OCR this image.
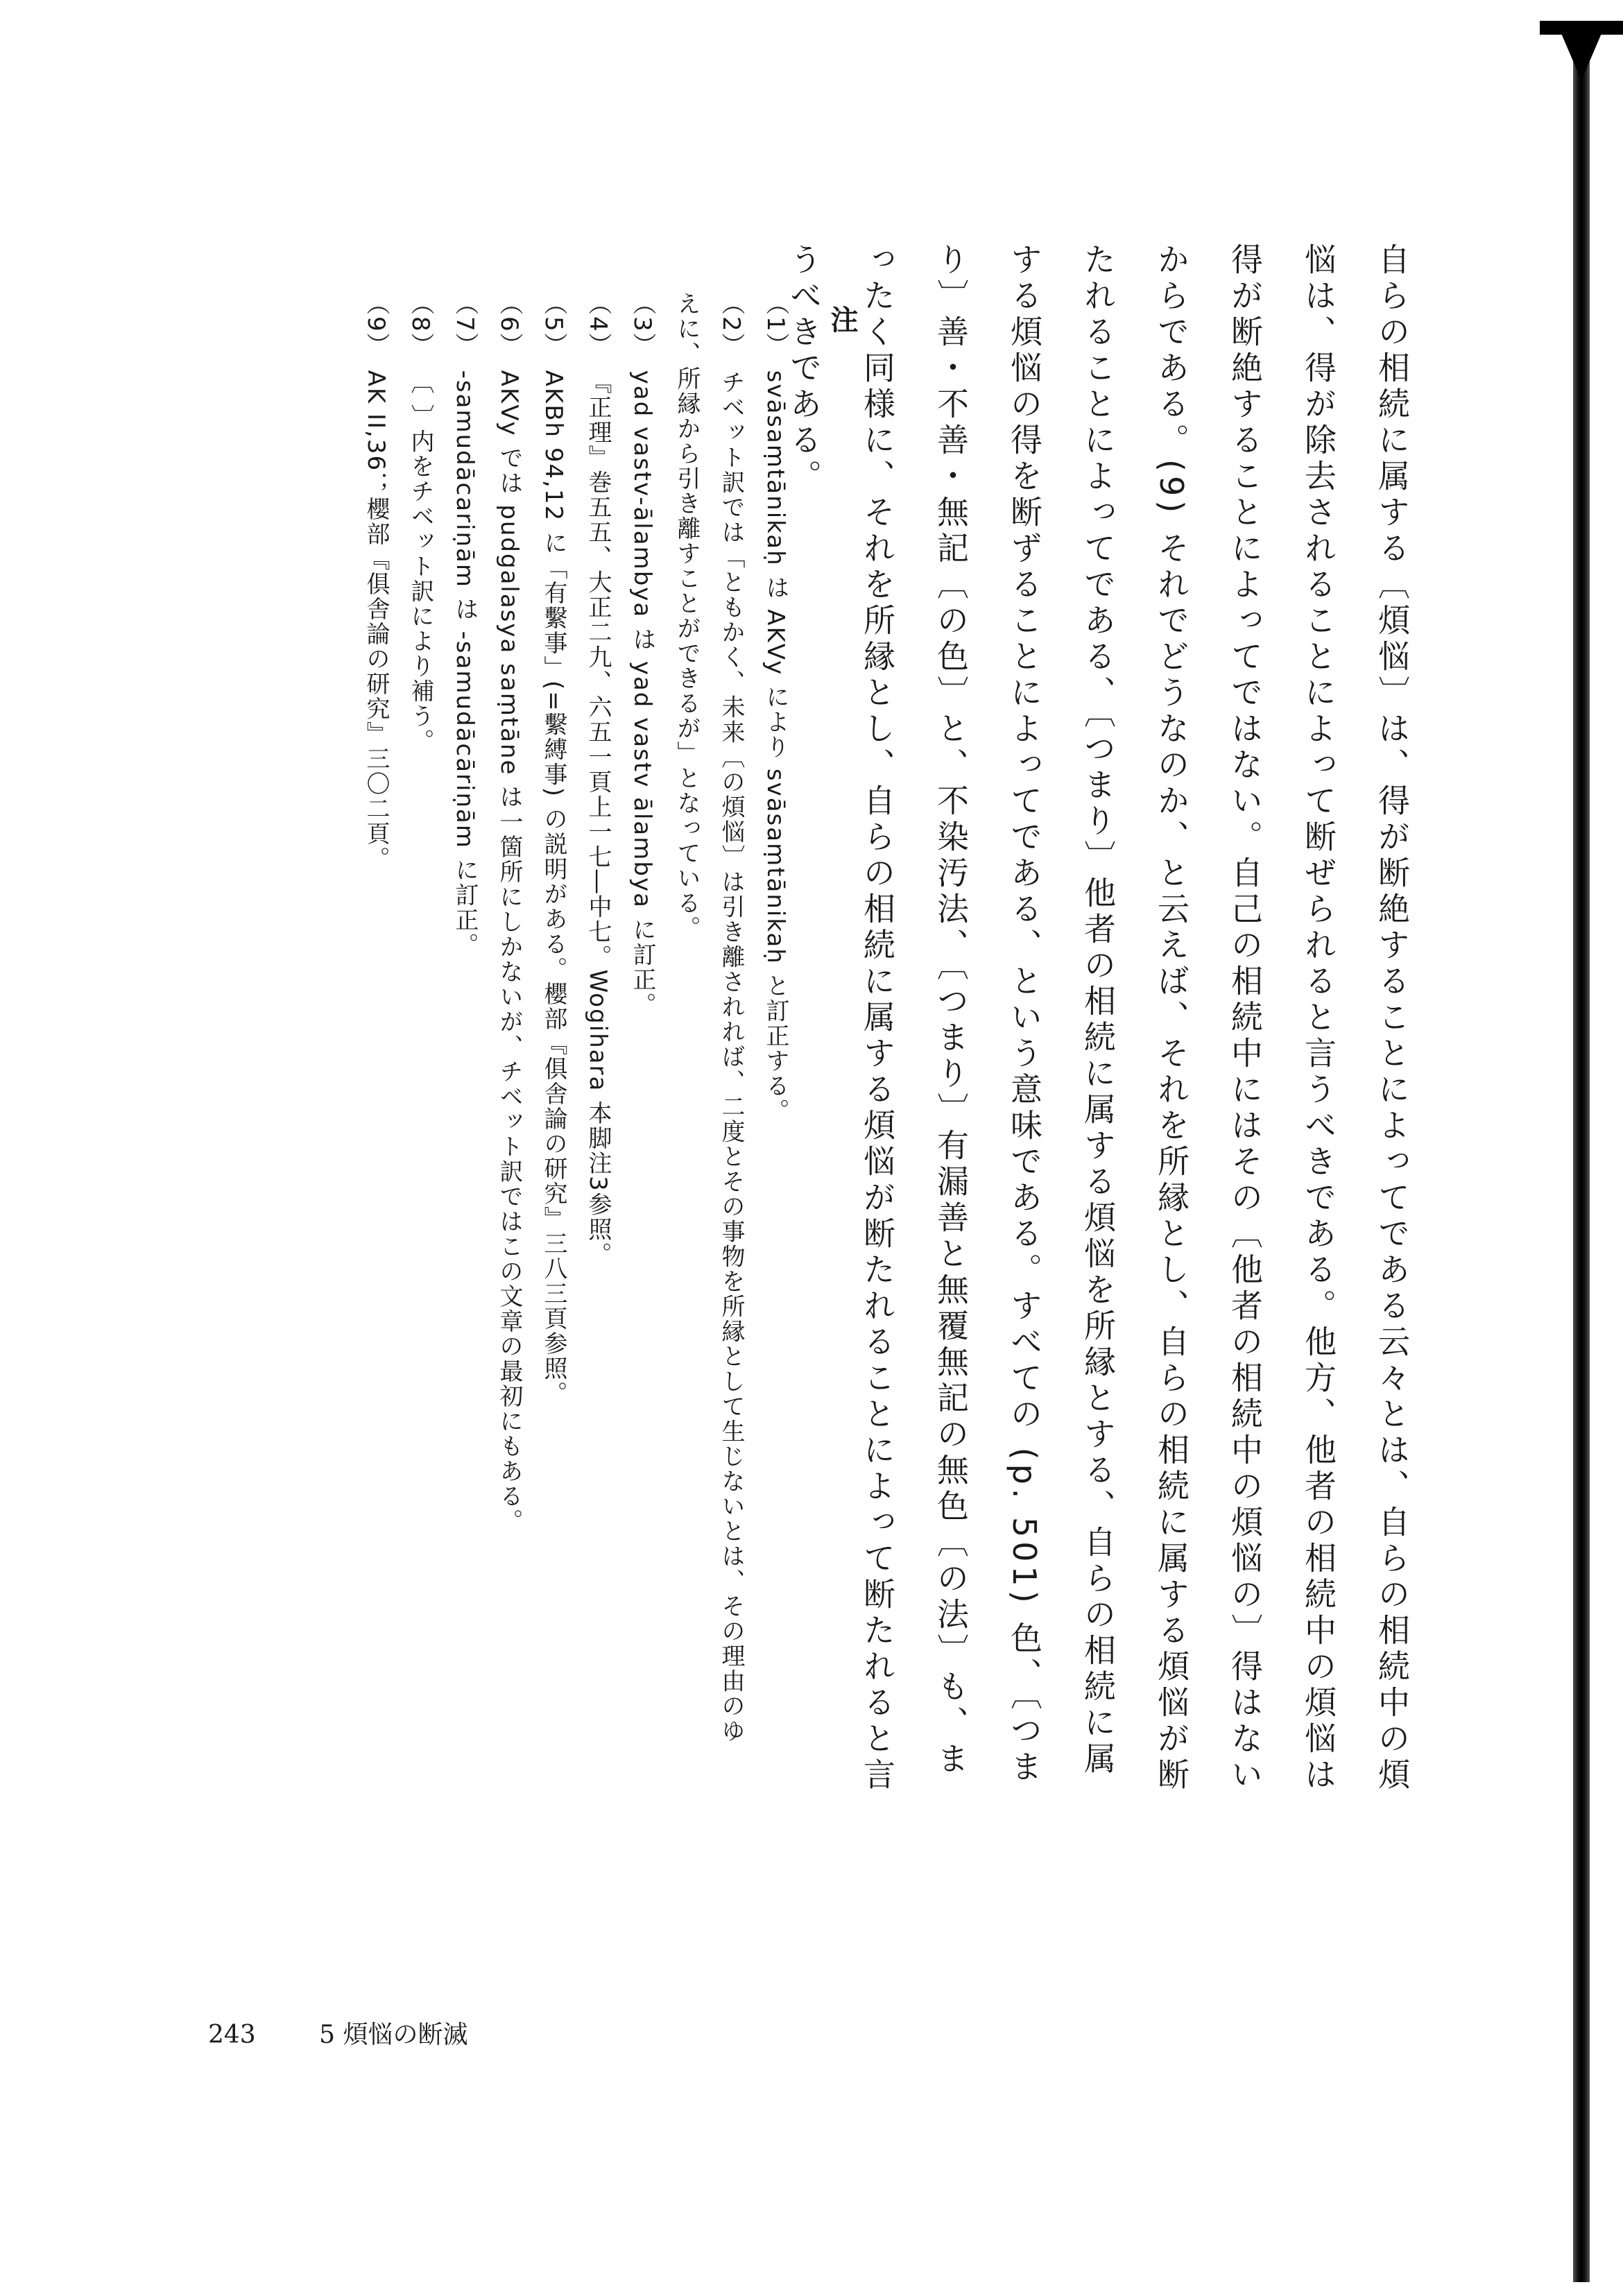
自らの相続に属する〔煩悩〕は、得が断絶することによってである云々とは、自らの相続中の煩悩は、得が除去されることによって断ぜられると言うべきである。他方、他者の相続中の煩悩は得が断絶することによってではない。自己の相続中にはその〔他者の相続中の煩悩の〕得はないからである。(9) それでどうなのか、と云えば、それを所縁とし、自らの相続に属する煩悩が断たれることによってである、〔つまり〕他者の相続に属する煩悩を所縁とする、自らの相続に属する煩悩の得を断ずることによってである、という意味である。すべての (p. 501) 色、〔つまり〕善・不善・無記〔の色〕と、不染汚法、〔つまり〕有漏善と無覆無記の無色〔の法〕も、まったく同様に、それを所縁とし、自らの相続に属する煩悩が断たれることによって断たれると言うべきである。 注

（1）svāsaṃtānikaḥ は AKVy により svāsaṃtānikaḥ と訂正する。

（2）チベット訳では「ともかく、未来〔の煩悩〕は引き離されれば、二度とその事物を所縁として生じないとは、その理由のゆえに、所縁から引き離すことができるが」となっている。

（3）yad vastv-ālambya は yad vastv ālambya に訂正。

（4）『正理』巻五五、大正二九、六五一頁上一七―中七。Wogihara 本脚注3参照。

（5）AKBh 94,12 に「有繫事」(=繫縛事) の説明がある。櫻部『俱舎論の研究』三八三頁参照。

（6）AKVy では pudgalasya saṃtāne は一箇所にしかないが、チベット訳ではこの文章の最初にもある。

（7）-samudācariṇām は -samudācāriṇām に訂正。

（8）〔 〕内をチベット訳により補う。

（9）AK II,36；櫻部『俱舎論の研究』三〇二頁。

243	5 煩悩の断滅
